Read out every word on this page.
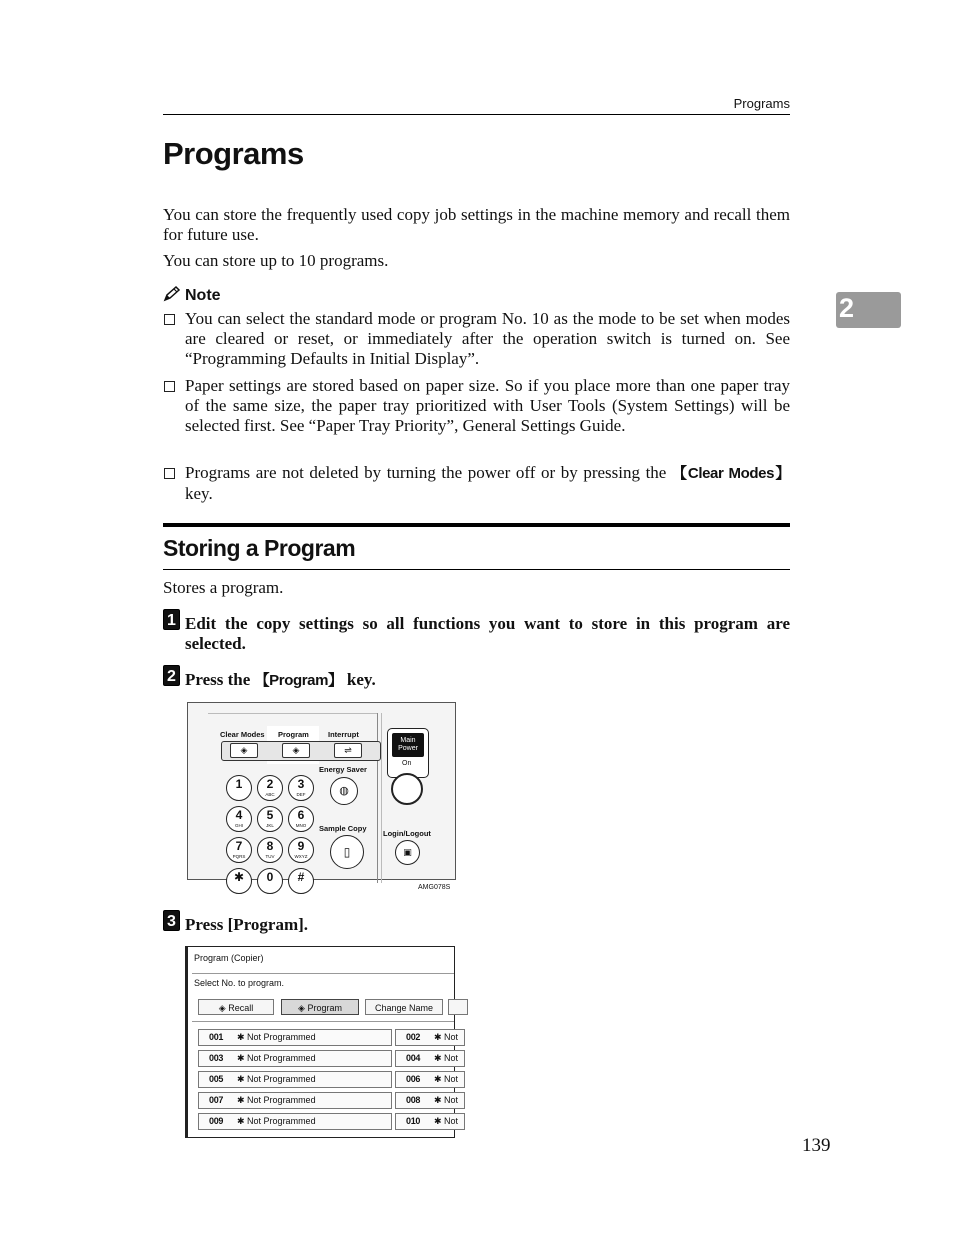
Programs
Programs
You can store the frequently used copy job settings in the machine memory and recall them for future use.
You can store up to 10 programs.
2
Note
You can select the standard mode or program No. 10 as the mode to be set when modes are cleared or reset, or immediately after the operation switch is turned on. See “Programming Defaults in Initial Display”.
Paper settings are stored based on paper size. So if you place more than one paper tray of the same size, the paper tray prioritized with User Tools (System Settings) will be selected first. See “Paper Tray Priority”, General Settings Guide.
Programs are not deleted by turning the power off or by pressing the 【Clear Modes】 key.
Storing a Program
Stores a program.
1 Edit the copy settings so all functions you want to store in this program are selected.
2 Press the 【Program】 key.
Clear Modes Program	Interrupt
◈	◈	⇌
Energy Saver
◍
Sample Copy
▯
1	2
ABC
3
DEF
4
GHI
5
JKL
6
MNO
7
PQRS
8
TUV
9
WXYZ
✱	0	#
Main Power
On
Login/Logout
▣
AMG078S
3 Press [Program].
Program (Copier)
Select No. to program.
◈ Recall	◈ Program	Change Name
001 ✱ Not Programmed	002 ✱ Not
003 ✱ Not Programmed	004 ✱ Not
005 ✱ Not Programmed	006 ✱ Not
007 ✱ Not Programmed	008 ✱ Not
009 ✱ Not Programmed	010 ✱ Not
139
